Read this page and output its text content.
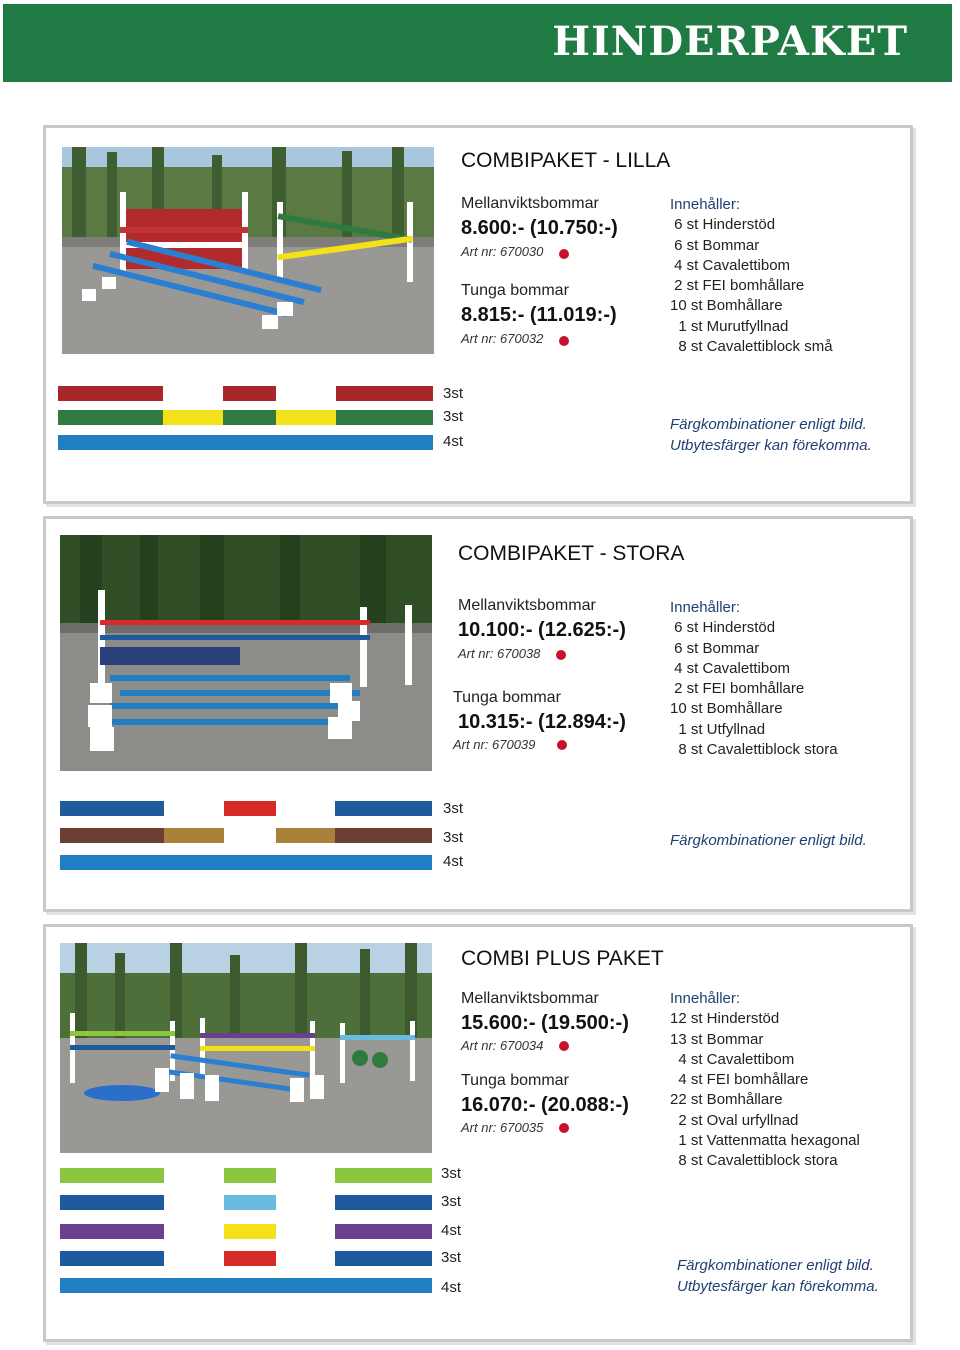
HINDERPAKET
COMBIPAKET - LILLA
Mellanviktsbommar
8.600:- (10.750:-)
Art nr: 670030
Tunga bommar
8.815:- (11.019:-)
Art nr: 670032
Innehåller:
6 st Hinderstöd
6 st Bommar
4 st Cavalettibom
2 st FEI bomhållare
10 st Bomhållare
1 st Murutfyllnad
8 st Cavalettiblock små
3st
3st
4st
Färgkombinationer enligt bild.
Utbytesfärger kan förekomma.
COMBIPAKET - STORA
Mellanviktsbommar
10.100:- (12.625:-)
Art nr: 670038
Tunga bommar
10.315:- (12.894:-)
Art nr: 670039
Innehåller:
6 st Hinderstöd
6 st Bommar
4 st Cavalettibom
2 st FEI bomhållare
10 st Bomhållare
1 st Utfyllnad
8 st Cavalettiblock stora
3st
3st
4st
Färgkombinationer enligt bild.
COMBI PLUS PAKET
Mellanviktsbommar
15.600:- (19.500:-)
Art nr: 670034
Tunga bommar
16.070:- (20.088:-)
Art nr: 670035
Innehåller:
12 st Hinderstöd
13 st Bommar
4 st Cavalettibom
4 st FEI bomhållare
22 st Bomhållare
2 st Oval urfyllnad
1 st Vattenmatta hexagonal
8 st Cavalettiblock stora
3st
3st
4st
3st
4st
Färgkombinationer enligt bild.
Utbytesfärger kan förekomma.
